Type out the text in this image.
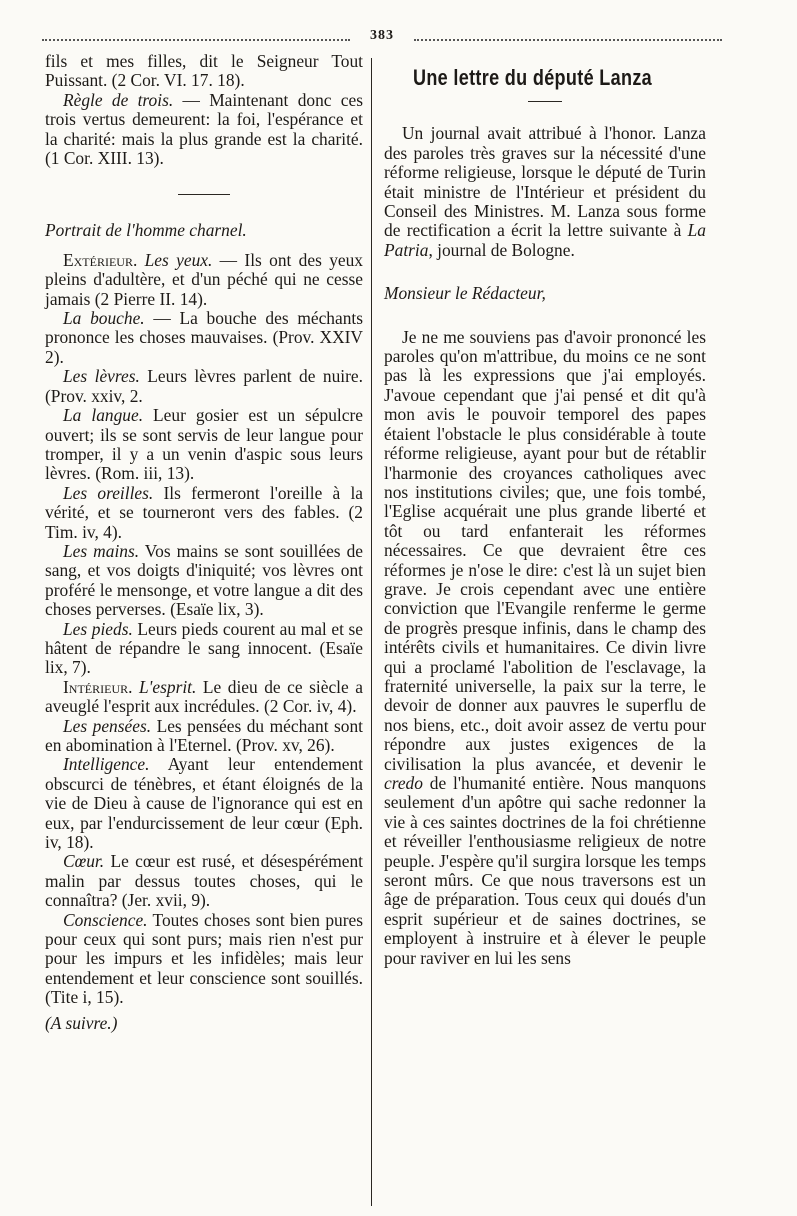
383

fils et mes filles, dit le Seigneur Tout Puissant. (2 Cor. VI. 17. 18).

Règle de trois. — Maintenant donc ces trois vertus demeurent: la foi, l'espérance et la charité: mais la plus grande est la charité. (1 Cor. XIII. 13).

Portrait de l'homme charnel.

Extérieur. Les yeux. — Ils ont des yeux pleins d'adultère, et d'un péché qui ne cesse jamais (2 Pierre II. 14).

La bouche. — La bouche des méchants prononce les choses mauvaises. (Prov. XXIV 2).

Les lèvres. Leurs lèvres parlent de nuire. (Prov. xxiv, 2.

La langue. Leur gosier est un sépulcre ouvert; ils se sont servis de leur langue pour tromper, il y a un venin d'aspic sous leurs lèvres. (Rom. iii, 13).

Les oreilles. Ils fermeront l'oreille à la vérité, et se tourneront vers des fables. (2 Tim. iv, 4).

Les mains. Vos mains se sont souillées de sang, et vos doigts d'iniquité; vos lèvres ont proféré le mensonge, et votre langue a dit des choses perverses. (Esaïe lix, 3).

Les pieds. Leurs pieds courent au mal et se hâtent de répandre le sang innocent. (Esaïe lix, 7).

Intérieur. L'esprit. Le dieu de ce siècle a aveuglé l'esprit aux incrédules. (2 Cor. iv, 4).

Les pensées. Les pensées du méchant sont en abomination à l'Eternel. (Prov. xv, 26).

Intelligence. Ayant leur entendement obscurci de ténèbres, et étant éloignés de la vie de Dieu à cause de l'ignorance qui est en eux, par l'endurcissement de leur cœur (Eph. iv, 18).

Cœur. Le cœur est rusé, et désespérément malin par dessus toutes choses, qui le connaîtra? (Jer. xvii, 9).

Conscience. Toutes choses sont bien pures pour ceux qui sont purs; mais rien n'est pur pour les impurs et les infidèles; mais leur entendement et leur conscience sont souillés. (Tite i, 15).

(A suivre.)

Une lettre du député Lanza

Un journal avait attribué à l'honor. Lanza des paroles très graves sur la nécessité d'une réforme religieuse, lorsque le député de Turin était ministre de l'Intérieur et président du Conseil des Ministres. M. Lanza sous forme de rectification a écrit la lettre suivante à La Patria, journal de Bologne.

Monsieur le Rédacteur,

Je ne me souviens pas d'avoir prononcé les paroles qu'on m'attribue, du moins ce ne sont pas là les expressions que j'ai employés. J'avoue cependant que j'ai pensé et dit qu'à mon avis le pouvoir temporel des papes étaient l'obstacle le plus considérable à toute réforme religieuse, ayant pour but de rétablir l'harmonie des croyances catholiques avec nos institutions civiles; que, une fois tombé, l'Eglise acquérait une plus grande liberté et tôt ou tard enfanterait les réformes nécessaires. Ce que devraient être ces réformes je n'ose le dire: c'est là un sujet bien grave. Je crois cependant avec une entière conviction que l'Evangile renferme le germe de progrès presque infinis, dans le champ des intérêts civils et humanitaires. Ce divin livre qui a proclamé l'abolition de l'esclavage, la fraternité universelle, la paix sur la terre, le devoir de donner aux pauvres le superflu de nos biens, etc., doit avoir assez de vertu pour répondre aux justes exigences de la civilisation la plus avancée, et devenir le credo de l'humanité entière. Nous manquons seulement d'un apôtre qui sache redonner la vie à ces saintes doctrines de la foi chrétienne et réveiller l'enthousiasme religieux de notre peuple. J'espère qu'il surgira lorsque les temps seront mûrs. Ce que nous traversons est un âge de préparation. Tous ceux qui doués d'un esprit supérieur et de saines doctrines, se employent à instruire et à élever le peuple pour raviver en lui les sens
